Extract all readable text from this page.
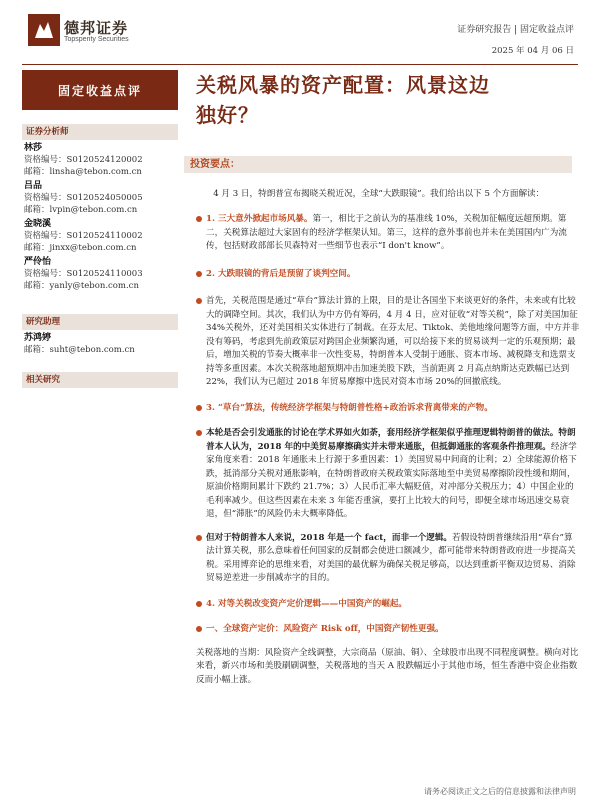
德邦证券
Topsperity Securities
证券研究报告 | 固定收益点评
2025 年 04 月 06 日
固定收益点评
证券分析师
林莎
资格编号：S0120524120002
邮箱：linsha@tebon.com.cn
吕品
资格编号：S0120524050005
邮箱：lvpin@tebon.com.cn
金晓溪
资格编号：S0120524110002
邮箱：jinxx@tebon.com.cn
严伶怡
资格编号：S0120524110003
邮箱：yanly@tebon.com.cn
研究助理
苏鸿婷
邮箱：suht@tebon.com.cn
相关研究
关税风暴的资产配置：风景这边
独好？
投资要点：

4 月 3 日，特朗普宣布揭晓关税近况，全球“大跌眼镜”。我们给出以下 5 个方面解读：

1. 三大意外掀起市场风暴。第一，相比于之前认为的基准线 10%，关税加征幅度远超预期。第二，关税算法超过大家固有的经济学框架认知。第三，这样的意外事前也并未在美国国内广为流传，包括财政部部长贝森特对一些细节也表示“I don't know”。
2. 大跌眼镜的背后是预留了谈判空间。
首先，关税范围是通过“草台”算法计算的上限，目的是让各国坐下来谈更好的条件，未来或有比较大的调降空间。其次，我们认为中方仍有筹码，4 月 4 日，应对征收“对等关税”，除了对美国加征 34%关税外，还对美国相关实体进行了制裁。在芬太尼、Tiktok、美他地缘问题等方面，中方并非没有筹码，考虑到先前政策层对跨国企业频繁沟通，可以给接下来的贸易谈判一定的乐观预期；最后，增加关税的节奏大概率非一次性变易，特朗普本人受制于通胀、资本市场、减税降支和选票支持等多重因素。本次关税落地超预期冲击加速美股下跌，当前距离 2 月高点纳斯达克跌幅已达到 22%，我们认为已超过 2018 年贸易摩擦中选民对资本市场 20%的回撤底线。
3. “草台”算法，传统经济学框架与特朗普性格+政治诉求背离带来的产物。
本轮是否会引发通胀的讨论在学术界如火如荼，套用经济学框架似乎推理逻辑特朗普的做法。特朗普本人认为，2018 年的中美贸易摩擦确实并未带来通胀，但抵御通胀的客观条件推理观。经济学家角度来看：2018 年通胀未上行源于多重因素：1）美国贸易中间商的让利；2）全球能源价格下跌，抵消部分关税对通胀影响，在特朗普政府关税政策实际落地至中美贸易摩擦阶段性缓和期间，原油价格期间累计下跌约 21.7%；3）人民币汇率大幅贬值，对冲部分关税压力；4）中国企业的毛利率减少。但这些因素在未来 3 年能否重演，要打上比较大的问号，即便全球市场迅速交易衰退，但“滞胀”的风险仍未大概率降低。
但对于特朗普本人来说，2018 年是一个 fact，而非一个逻辑。若假设特朗普继续沿用“草台”算法计算关税，那么意味着任何国家的反制都会使进口额减少，都可能带来特朗普政府进一步提高关税。采用博弈论的思维来看，对美国的最优解为确保关税足够高，以达到重新平衡双边贸易、消除贸易逆差进一步削减赤字的目的。
4. 对等关税改变资产定价逻辑——中国资产的崛起。
一、全球资产定价：风险资产 Risk off，中国资产韧性更强。

关税落地的当期：风险资产全线调整，大宗商品（原油、铜）、全球股市出现不同程度调整。横向对比来看，新兴市场和美股刷刷调整，关税落地的当天 A 股跌幅远小于其他市场，恒生香港中资企业指数反而小幅上涨。

请务必阅读正文之后的信息披露和法律声明
